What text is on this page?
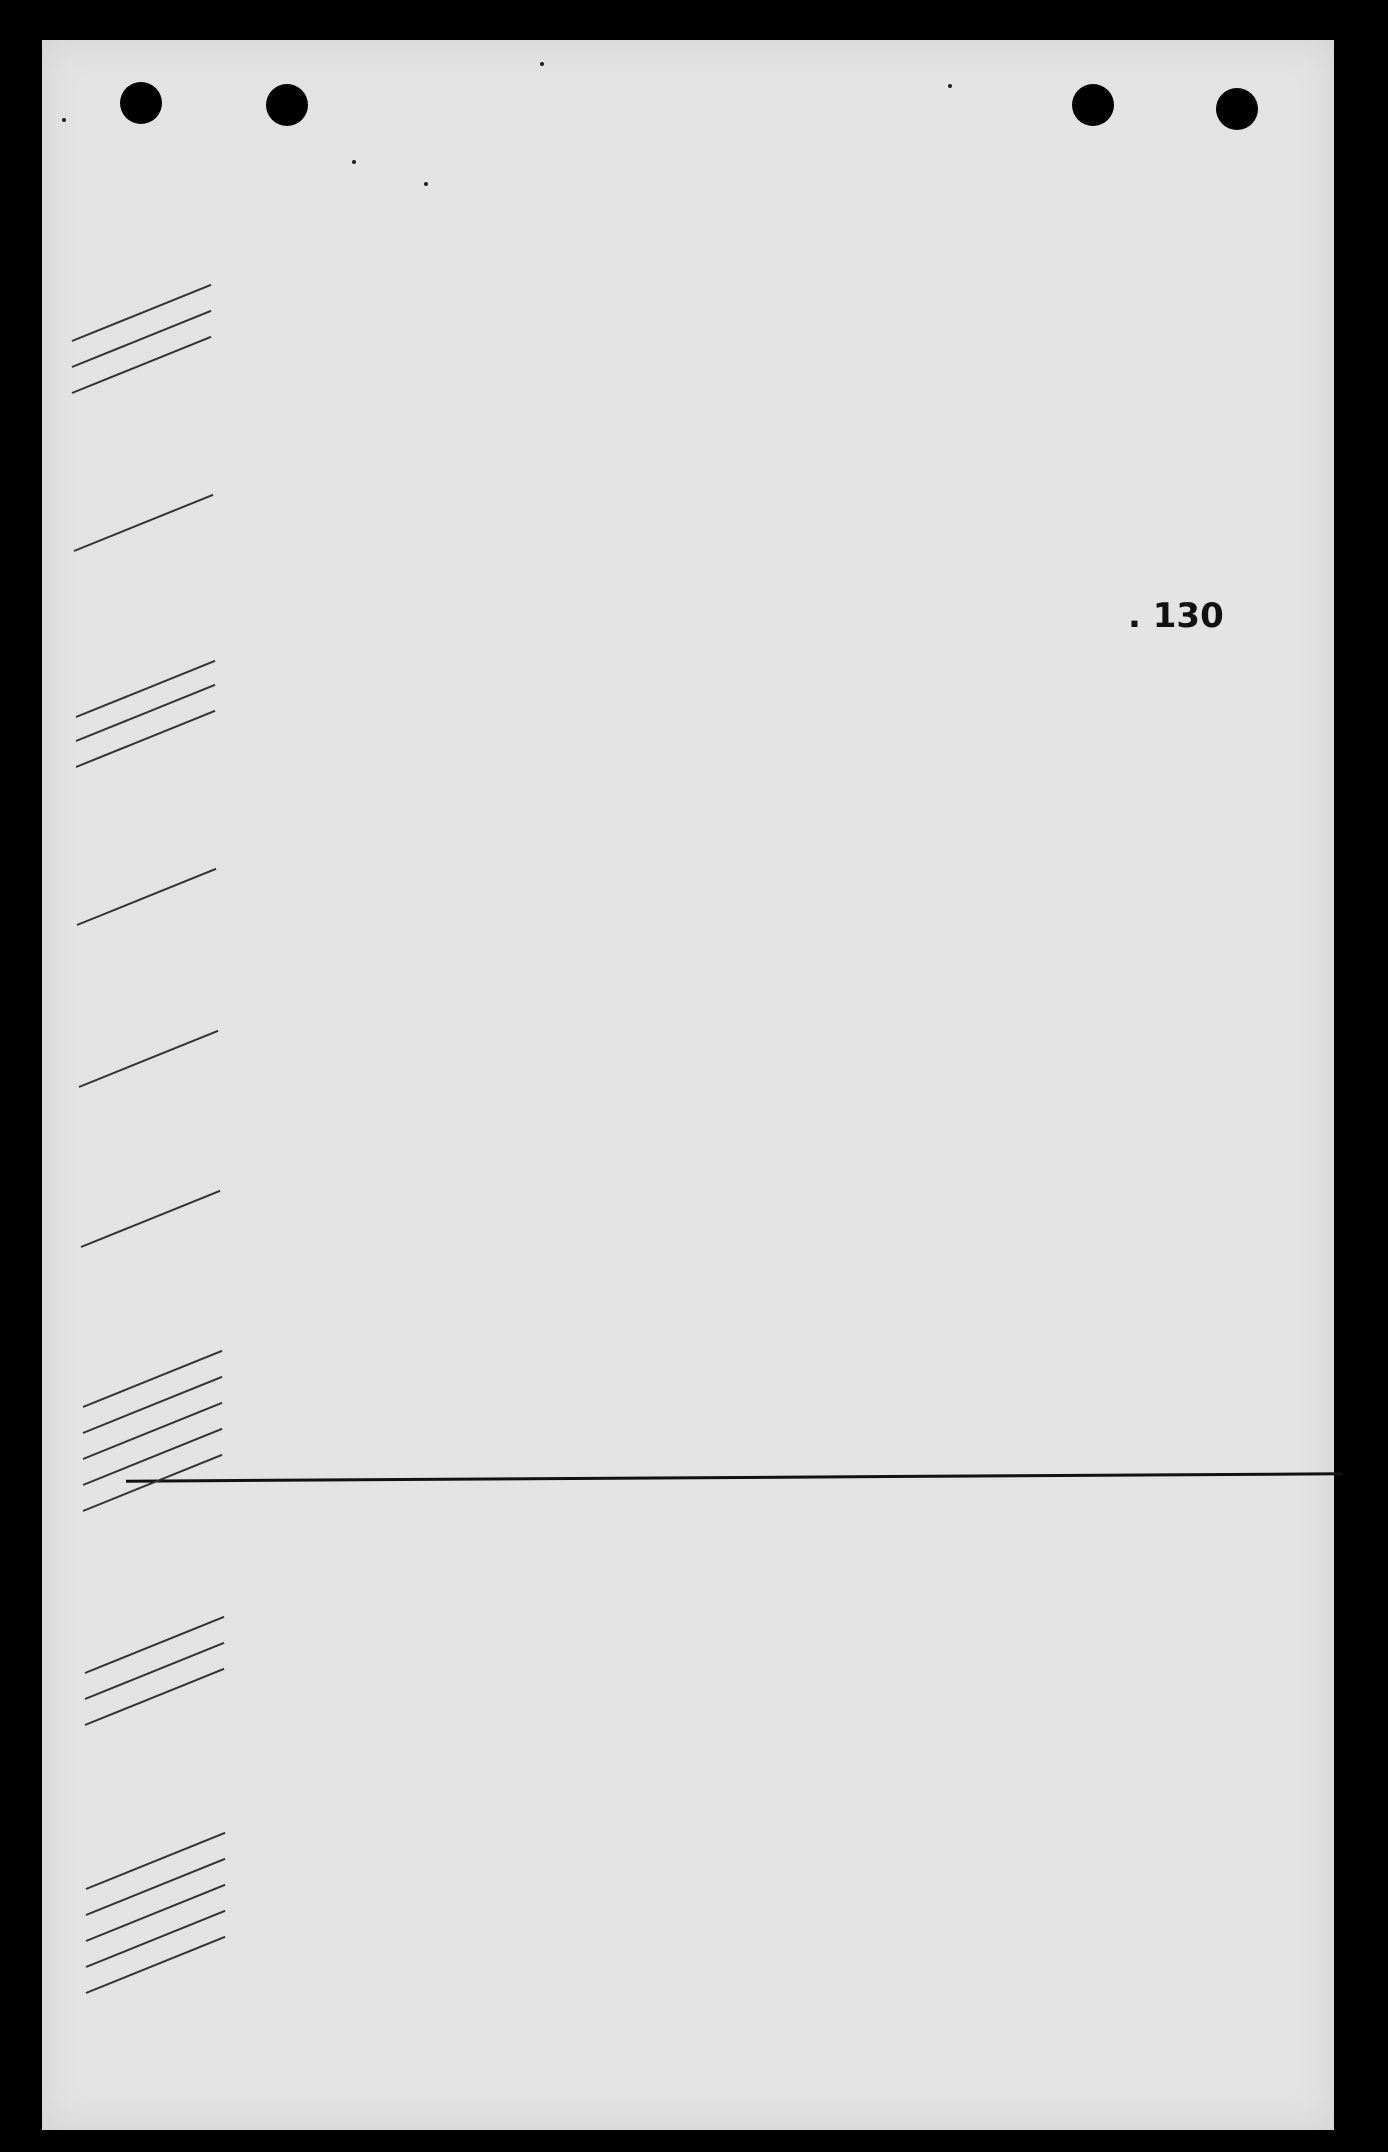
. 130
